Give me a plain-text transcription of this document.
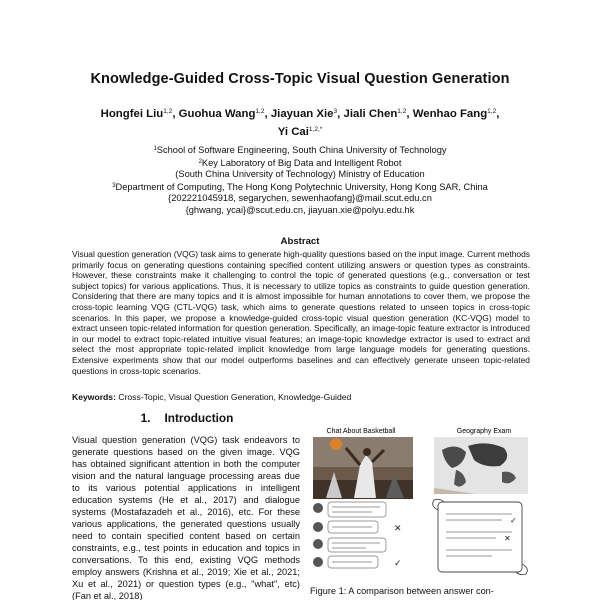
Knowledge-Guided Cross-Topic Visual Question Generation
Hongfei Liu$^{1,2}$, Guohua Wang$^{1,2}$, Jiayuan Xie$^3$, Jiali Chen$^{1,2}$, Wenhao Fang$^{1,2}$,
Yi Cai$^{1,2,*}$
$^1$School of Software Engineering, South China University of Technology
$^2$Key Laboratory of Big Data and Intelligent Robot
(South China University of Technology) Ministry of Education
$^3$Department of Computing, The Hong Kong Polytechnic University, Hong Kong SAR, China
{202221045918, segarychen, sewenhaofang}@mail.scut.edu.cn
{ghwang, ycai}@scut.edu.cn, jiayuan.xie@polyu.edu.hk
Abstract
Visual question generation (VQG) task aims to generate high-quality questions based on the input image. Current methods primarily focus on generating questions containing specified content utilizing answers or question types as constraints. However, these constraints make it challenging to control the topic of generated questions (e.g., conversation or test subject topics) for various applications. Thus, it is necessary to utilize topics as constraints to guide question generation. Considering that there are many topics and it is almost impossible for human annotations to cover them, we propose the cross-topic learning VQG (CTL-VQG) task, which aims to generate questions related to unseen topics in cross-topic scenarios. In this paper, we propose a knowledge-guided cross-topic visual question generation (KC-VQG) model to extract unseen topic-related information for question generation. Specifically, an image-topic feature extractor is introduced in our model to extract topic-related intuitive visual features; an image-topic knowledge extractor is used to extract and select the most appropriate topic-related implicit knowledge from large language models for generating questions. Extensive experiments show that our model outperforms baselines and can effectively generate unseen topic-related questions in cross-topic scenarios.
Keywords: Cross-Topic, Visual Question Generation, Knowledge-Guided
1. Introduction
Visual question generation (VQG) task endeavors to generate questions based on the given image. VQG has obtained significant attention in both the computer vision and the natural language processing areas due to its various potential applications in intelligent education systems (He et al., 2017) and dialogue systems (Mostafazadeh et al., 2016), etc. For these various applications, the generated questions usually need to contain specified content based on certain constraints, e.g., test points in education and topics in conversations. To this end, existing VQG methods employ answers (Krishna et al., 2019; Xie et al., 2021; Xu et al., 2021) or question types (e.g., "what", etc) (Fan et al., 2018)
Chat About Basketball
✕
✓
Geography Exam
✓
✕
Figure 1: A comparison between answer con-
